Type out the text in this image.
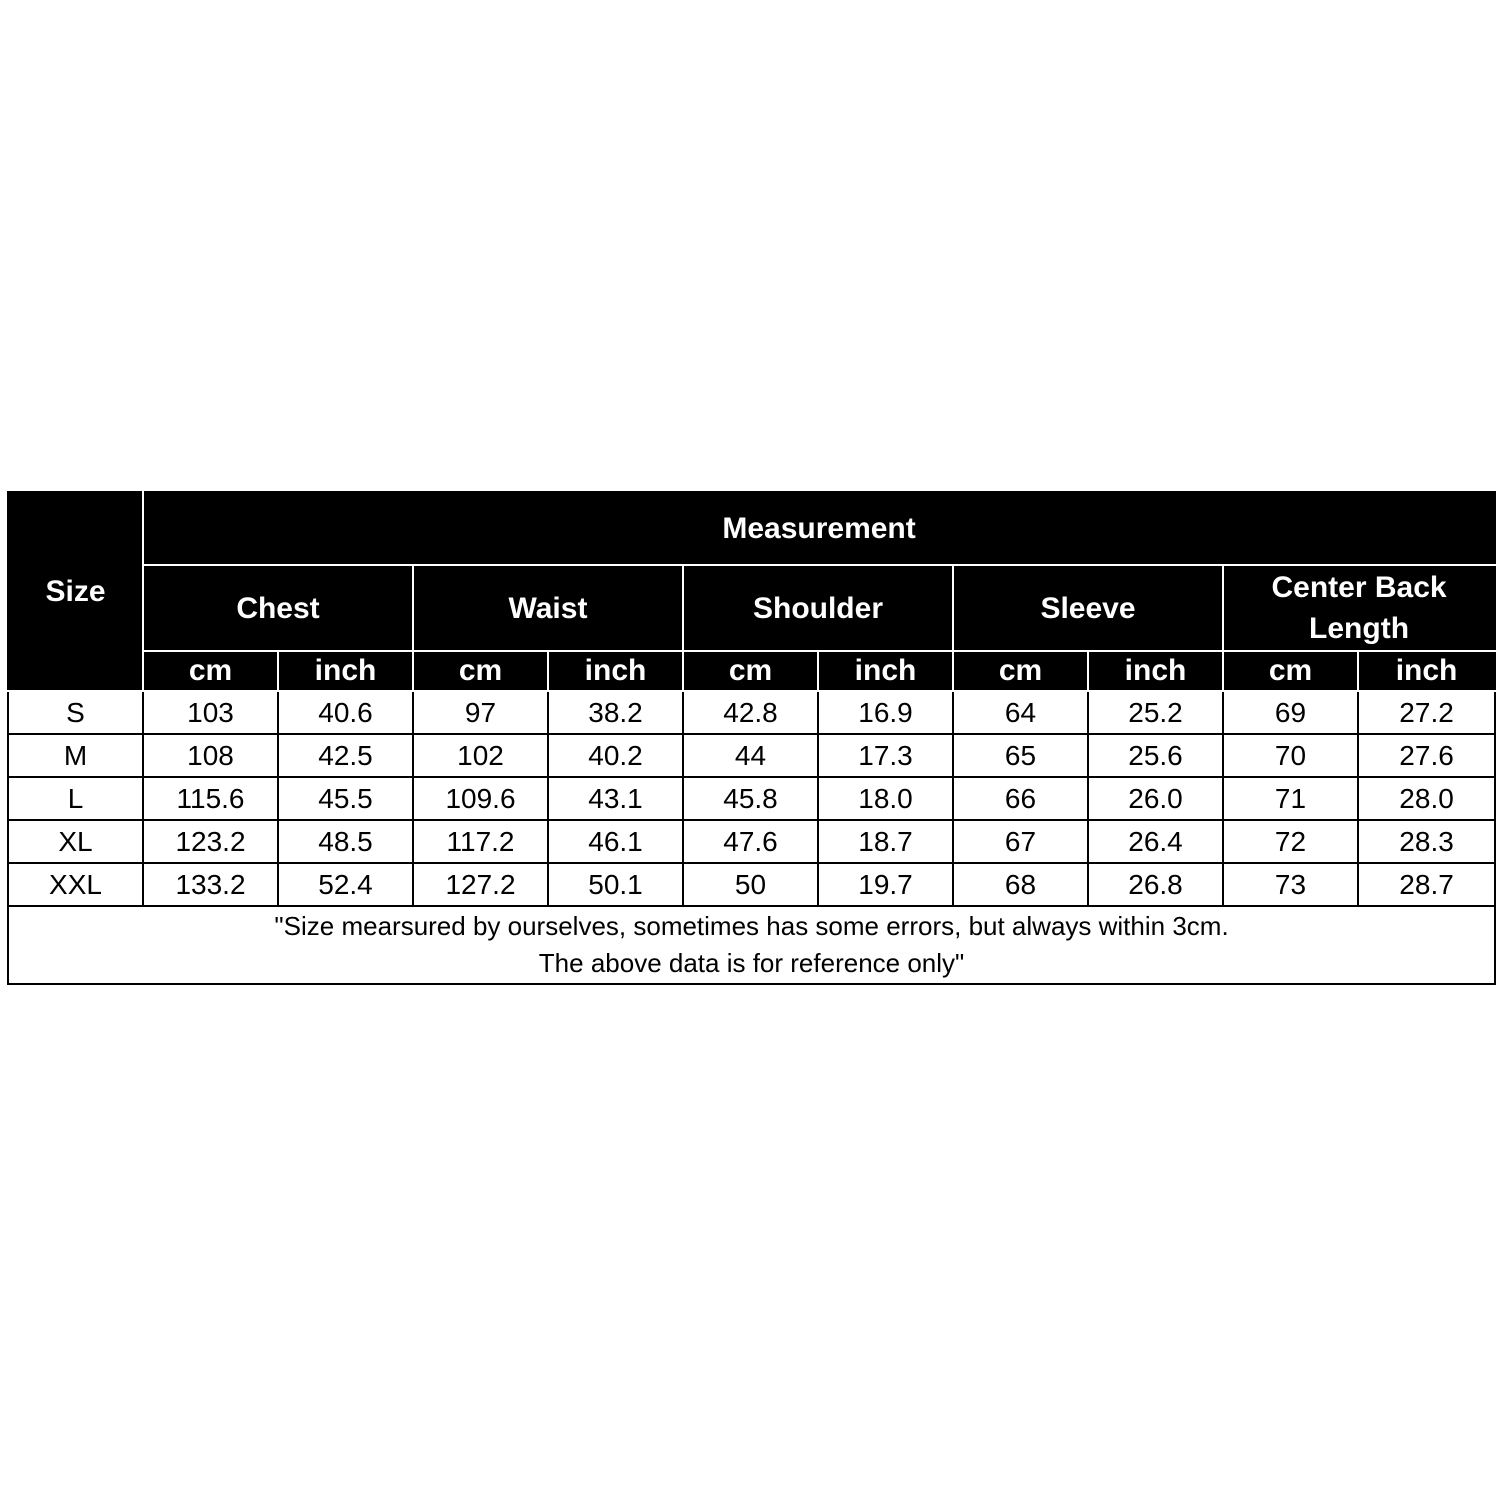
Size	Measurement									
	Chest		Waist		Shoulder		Sleeve		Center Back Length	
	cm	inch	cm	inch	cm	inch	cm	inch	cm	inch
S	103	40.6	97	38.2	42.8	16.9	64	25.2	69	27.2
M	108	42.5	102	40.2	44	17.3	65	25.6	70	27.6
L	115.6	45.5	109.6	43.1	45.8	18.0	66	26.0	71	28.0
XL	123.2	48.5	117.2	46.1	47.6	18.7	67	26.4	72	28.3
XXL	133.2	52.4	127.2	50.1	50	19.7	68	26.8	73	28.7

"Size mearsured by ourselves, sometimes has some errors, but always within 3cm.
The above data is for reference only"										
